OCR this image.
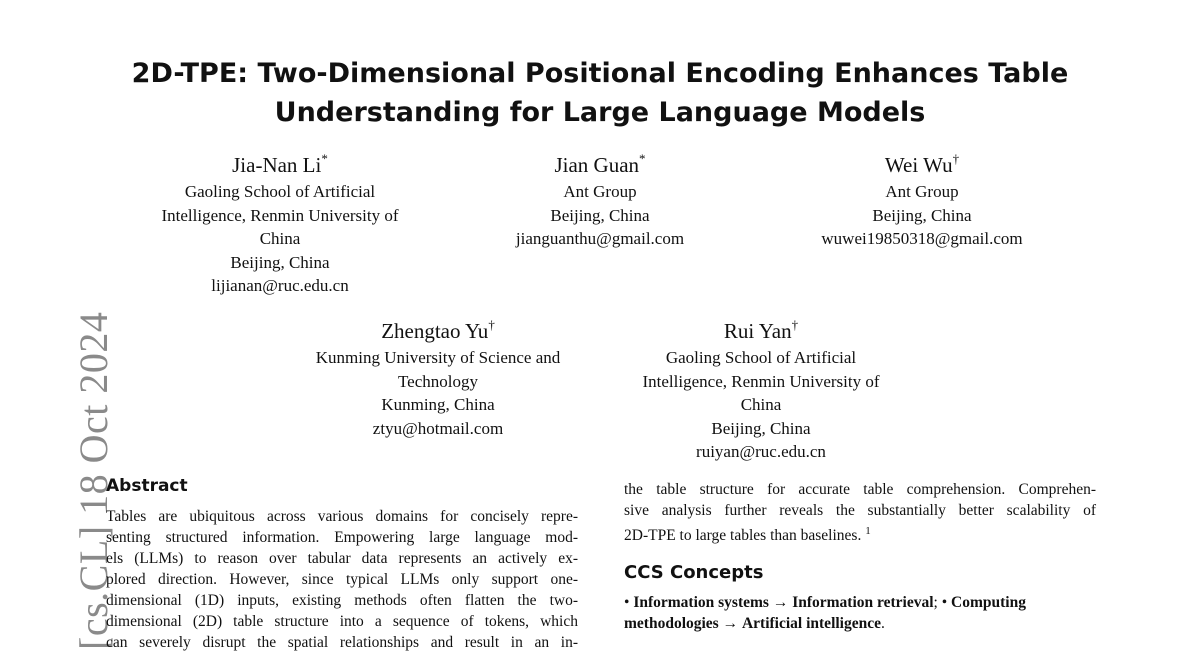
[cs.CL] 18 Oct 2024
2D-TPE: Two-Dimensional Positional Encoding Enhances Table
Understanding for Large Language Models
Jia-Nan Li*
Gaoling School of Artificial
Intelligence, Renmin University of
China
Beijing, China
lijianan@ruc.edu.cn
Jian Guan*
Ant Group
Beijing, China
jianguanthu@gmail.com
Wei Wu†
Ant Group
Beijing, China
wuwei19850318@gmail.com
Zhengtao Yu†
Kunming University of Science and
Technology
Kunming, China
ztyu@hotmail.com
Rui Yan†
Gaoling School of Artificial
Intelligence, Renmin University of
China
Beijing, China
ruiyan@ruc.edu.cn
Abstract
Tables are ubiquitous across various domains for concisely repre-
senting structured information. Empowering large language mod-
els (LLMs) to reason over tabular data represents an actively ex-
plored direction. However, since typical LLMs only support one-
dimensional (1D) inputs, existing methods often flatten the two-
dimensional (2D) table structure into a sequence of tokens, which
can severely disrupt the spatial relationships and result in an in-
the table structure for accurate table comprehension. Comprehen-
sive analysis further reveals the substantially better scalability of
2D-TPE to large tables than baselines. $^1$
CCS Concepts
• Information systems → Information retrieval; • Computing
methodologies → Artificial intelligence.
